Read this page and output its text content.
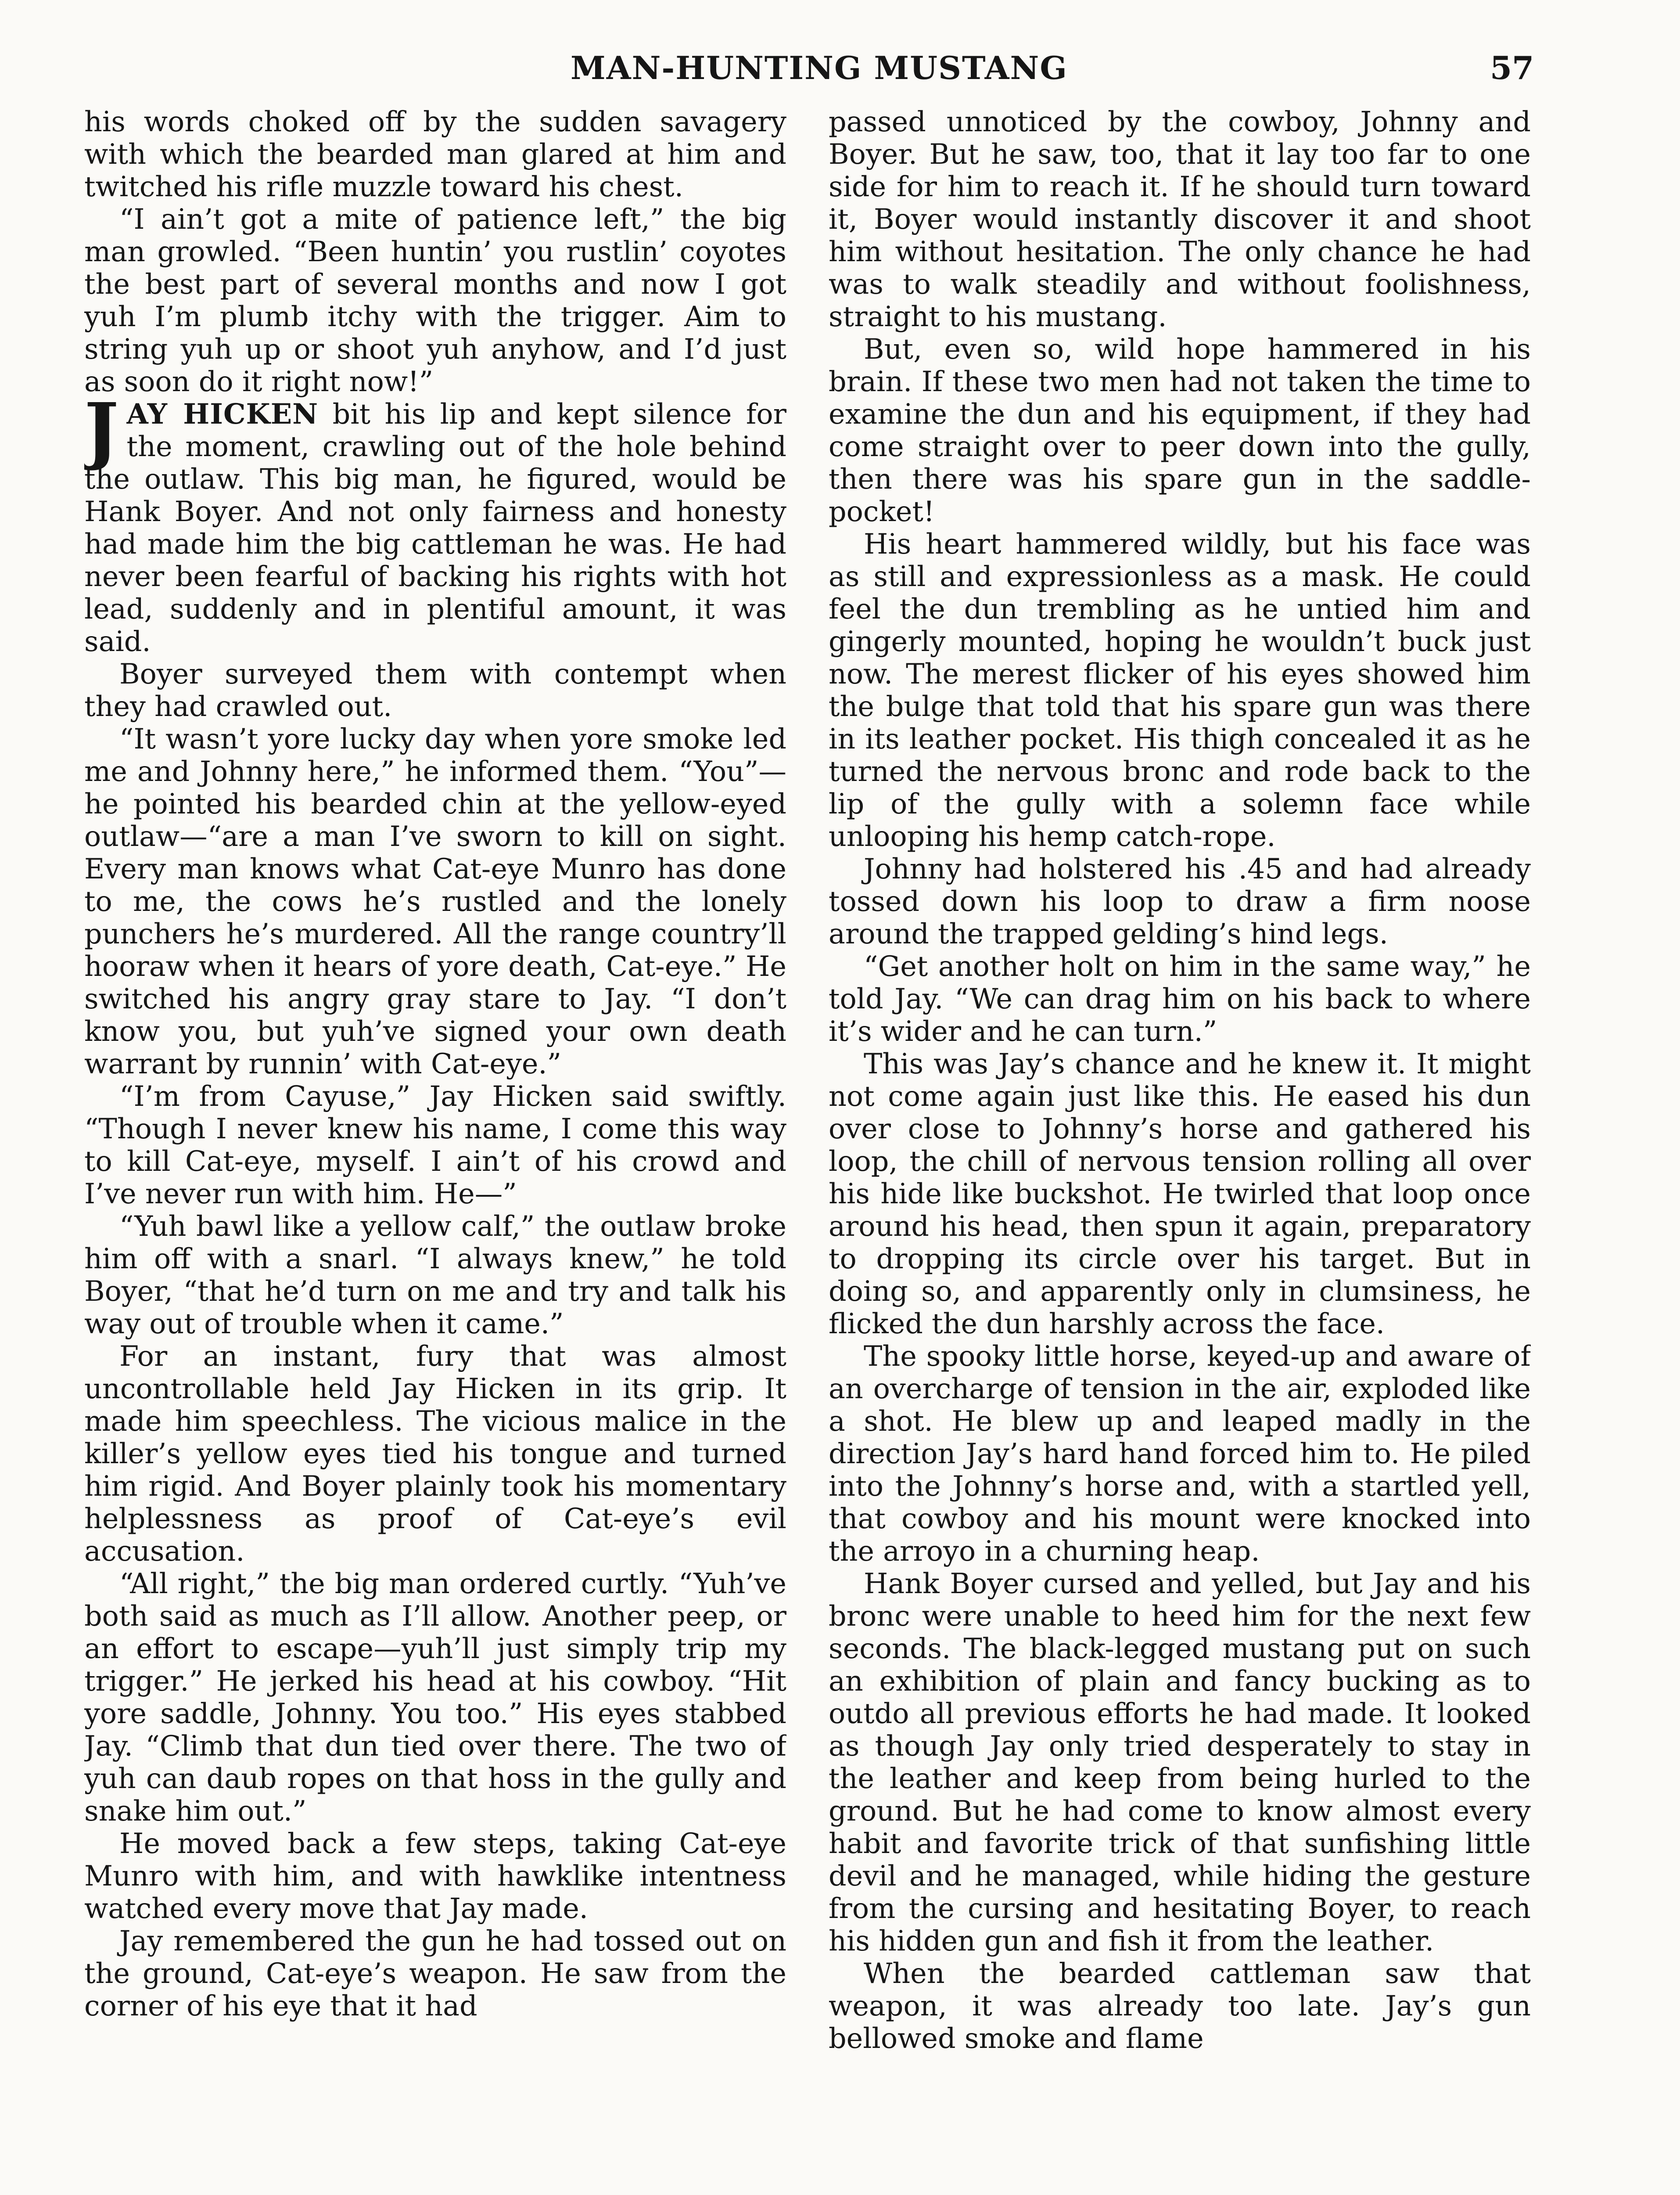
MAN-HUNTING MUSTANG	57

his words choked off by the sudden savagery with which the bearded man glared at him and twitched his rifle muzzle toward his chest.

“I ain’t got a mite of patience left,” the big man growled. “Been huntin’ you rustlin’ coyotes the best part of several months and now I got yuh I’m plumb itchy with the trigger. Aim to string yuh up or shoot yuh anyhow, and I’d just as soon do it right now!”

JAY HICKEN bit his lip and kept silence for the moment, crawling out of the hole behind the outlaw. This big man, he figured, would be Hank Boyer. And not only fairness and honesty had made him the big cattleman he was. He had never been fearful of backing his rights with hot lead, suddenly and in plentiful amount, it was said.

Boyer surveyed them with contempt when they had crawled out.

“It wasn’t yore lucky day when yore smoke led me and Johnny here,” he informed them. “You”—he pointed his bearded chin at the yellow-eyed outlaw—“are a man I’ve sworn to kill on sight. Every man knows what Cat-eye Munro has done to me, the cows he’s rustled and the lonely punchers he’s murdered. All the range country’ll hooraw when it hears of yore death, Cat-eye.” He switched his angry gray stare to Jay. “I don’t know you, but yuh’ve signed your own death warrant by runnin’ with Cat-eye.”

“I’m from Cayuse,” Jay Hicken said swiftly. “Though I never knew his name, I come this way to kill Cat-eye, myself. I ain’t of his crowd and I’ve never run with him. He—”

“Yuh bawl like a yellow calf,” the outlaw broke him off with a snarl. “I always knew,” he told Boyer, “that he’d turn on me and try and talk his way out of trouble when it came.”

For an instant, fury that was almost uncontrollable held Jay Hicken in its grip. It made him speechless. The vicious malice in the killer’s yellow eyes tied his tongue and turned him rigid. And Boyer plainly took his momentary helplessness as proof of Cat-eye’s evil accusation.

“All right,” the big man ordered curtly. “Yuh’ve both said as much as I’ll allow. Another peep, or an effort to escape—yuh’ll just simply trip my trigger.” He jerked his head at his cowboy. “Hit yore saddle, Johnny. You too.” His eyes stabbed Jay. “Climb that dun tied over there. The two of yuh can daub ropes on that hoss in the gully and snake him out.”

He moved back a few steps, taking Cat-eye Munro with him, and with hawklike intentness watched every move that Jay made.

Jay remembered the gun he had tossed out on the ground, Cat-eye’s weapon. He saw from the corner of his eye that it had

passed unnoticed by the cowboy, Johnny and Boyer. But he saw, too, that it lay too far to one side for him to reach it. If he should turn toward it, Boyer would instantly discover it and shoot him without hesitation. The only chance he had was to walk steadily and without foolishness, straight to his mustang.

But, even so, wild hope hammered in his brain. If these two men had not taken the time to examine the dun and his equipment, if they had come straight over to peer down into the gully, then there was his spare gun in the saddle-pocket!

His heart hammered wildly, but his face was as still and expressionless as a mask. He could feel the dun trembling as he untied him and gingerly mounted, hoping he wouldn’t buck just now. The merest flicker of his eyes showed him the bulge that told that his spare gun was there in its leather pocket. His thigh concealed it as he turned the nervous bronc and rode back to the lip of the gully with a solemn face while unlooping his hemp catch-rope.

Johnny had holstered his .45 and had already tossed down his loop to draw a firm noose around the trapped gelding’s hind legs.

“Get another holt on him in the same way,” he told Jay. “We can drag him on his back to where it’s wider and he can turn.”

This was Jay’s chance and he knew it. It might not come again just like this. He eased his dun over close to Johnny’s horse and gathered his loop, the chill of nervous tension rolling all over his hide like buckshot. He twirled that loop once around his head, then spun it again, preparatory to dropping its circle over his target. But in doing so, and apparently only in clumsiness, he flicked the dun harshly across the face.

The spooky little horse, keyed-up and aware of an overcharge of tension in the air, exploded like a shot. He blew up and leaped madly in the direction Jay’s hard hand forced him to. He piled into the Johnny’s horse and, with a startled yell, that cowboy and his mount were knocked into the arroyo in a churning heap.

Hank Boyer cursed and yelled, but Jay and his bronc were unable to heed him for the next few seconds. The black-legged mustang put on such an exhibition of plain and fancy bucking as to outdo all previous efforts he had made. It looked as though Jay only tried desperately to stay in the leather and keep from being hurled to the ground. But he had come to know almost every habit and favorite trick of that sunfishing little devil and he managed, while hiding the gesture from the cursing and hesitating Boyer, to reach his hidden gun and fish it from the leather.

When the bearded cattleman saw that weapon, it was already too late. Jay’s gun bellowed smoke and flame
